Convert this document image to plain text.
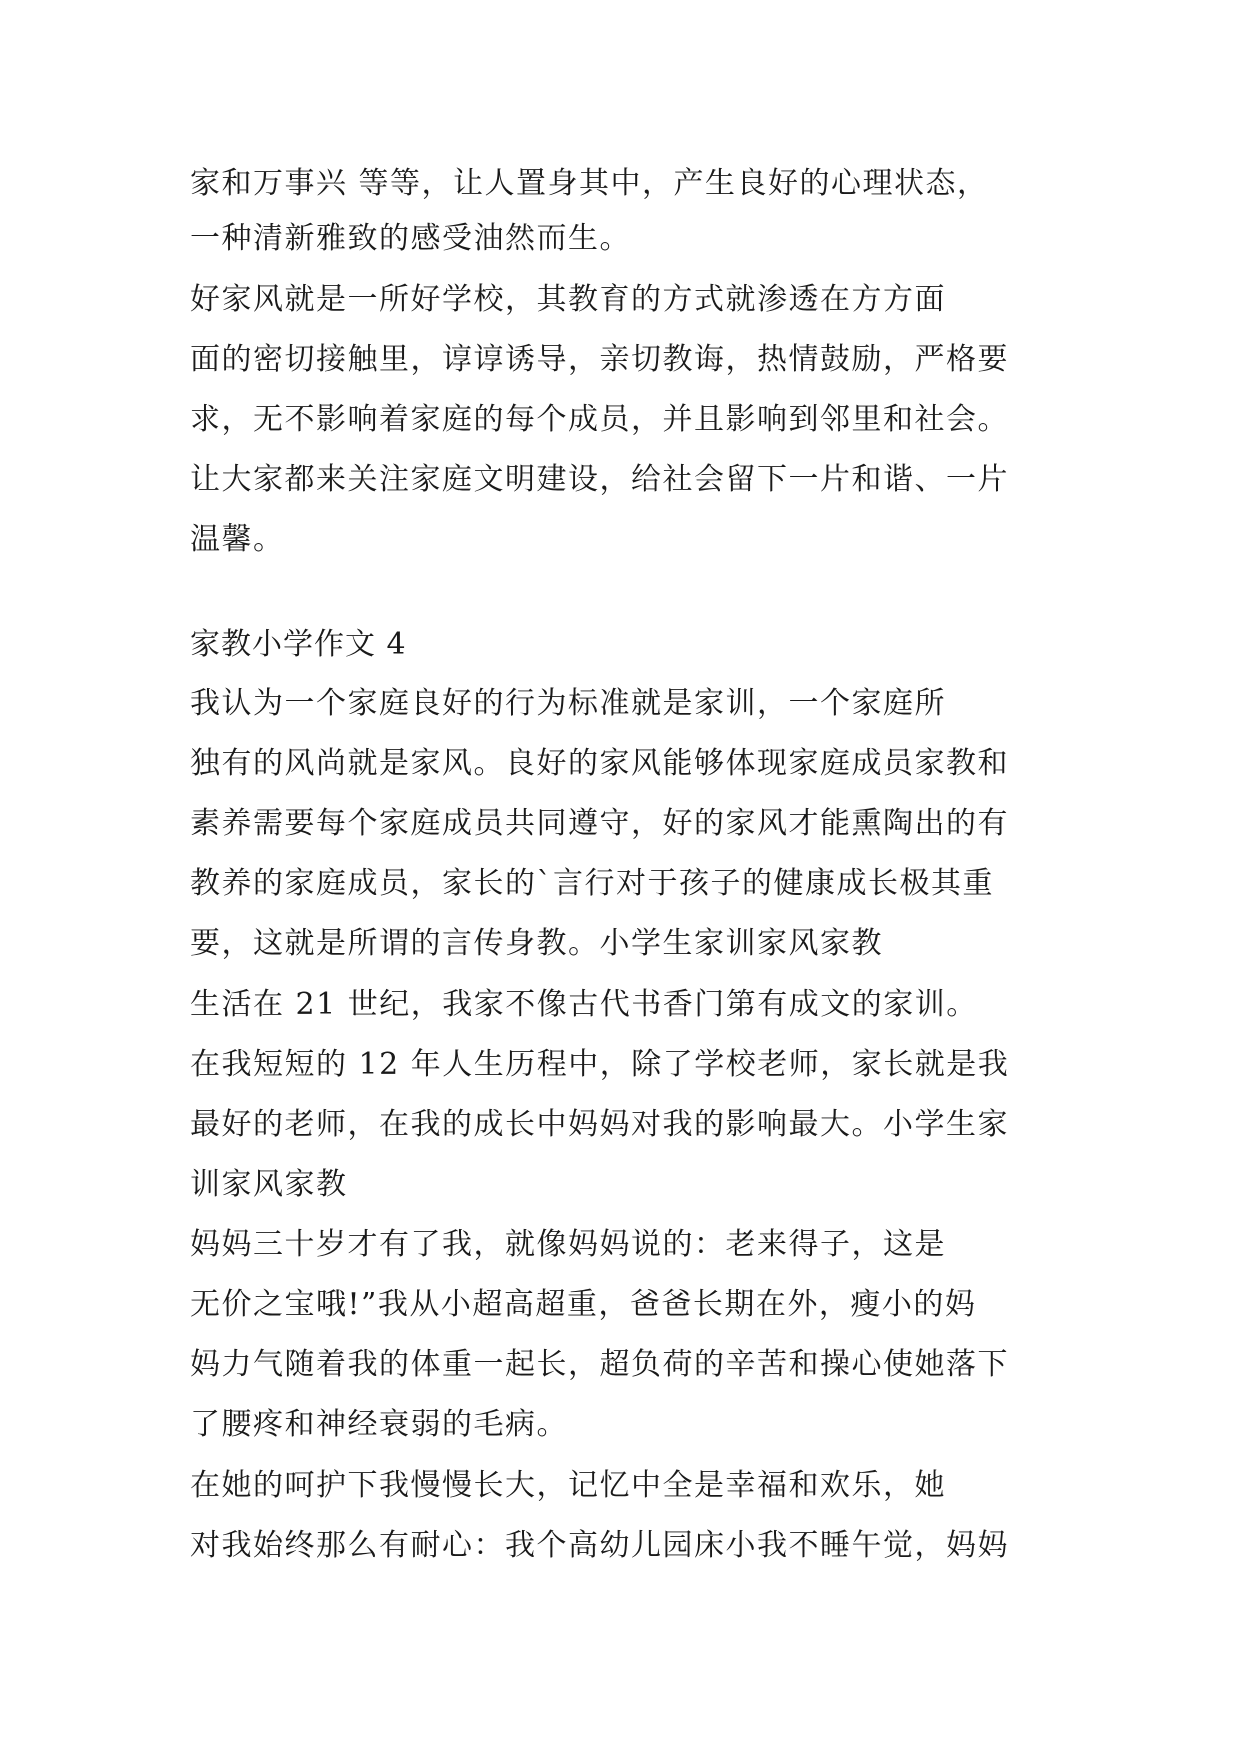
家和万事兴 等等，让人置身其中，产生良好的心理状态，
一种清新雅致的感受油然而生。
好家风就是一所好学校，其教育的方式就渗透在方方面
面的密切接触里，谆谆诱导，亲切教诲，热情鼓励，严格要
求，无不影响着家庭的每个成员，并且影响到邻里和社会。
让大家都来关注家庭文明建设，给社会留下一片和谐、一片
温馨。
家教小学作文 4
我认为一个家庭良好的行为标准就是家训，一个家庭所
独有的风尚就是家风。良好的家风能够体现家庭成员家教和
素养需要每个家庭成员共同遵守，好的家风才能熏陶出的有
教养的家庭成员，家长的`言行对于孩子的健康成长极其重
要，这就是所谓的言传身教。小学生家训家风家教
生活在 21 世纪，我家不像古代书香门第有成文的家训。
在我短短的 12 年人生历程中，除了学校老师，家长就是我
最好的老师，在我的成长中妈妈对我的影响最大。小学生家
训家风家教
妈妈三十岁才有了我，就像妈妈说的：老来得子，这是
无价之宝哦!”我从小超高超重，爸爸长期在外，瘦小的妈
妈力气随着我的体重一起长，超负荷的辛苦和操心使她落下
了腰疼和神经衰弱的毛病。
在她的呵护下我慢慢长大，记忆中全是幸福和欢乐，她
对我始终那么有耐心：我个高幼儿园床小我不睡午觉，妈妈
